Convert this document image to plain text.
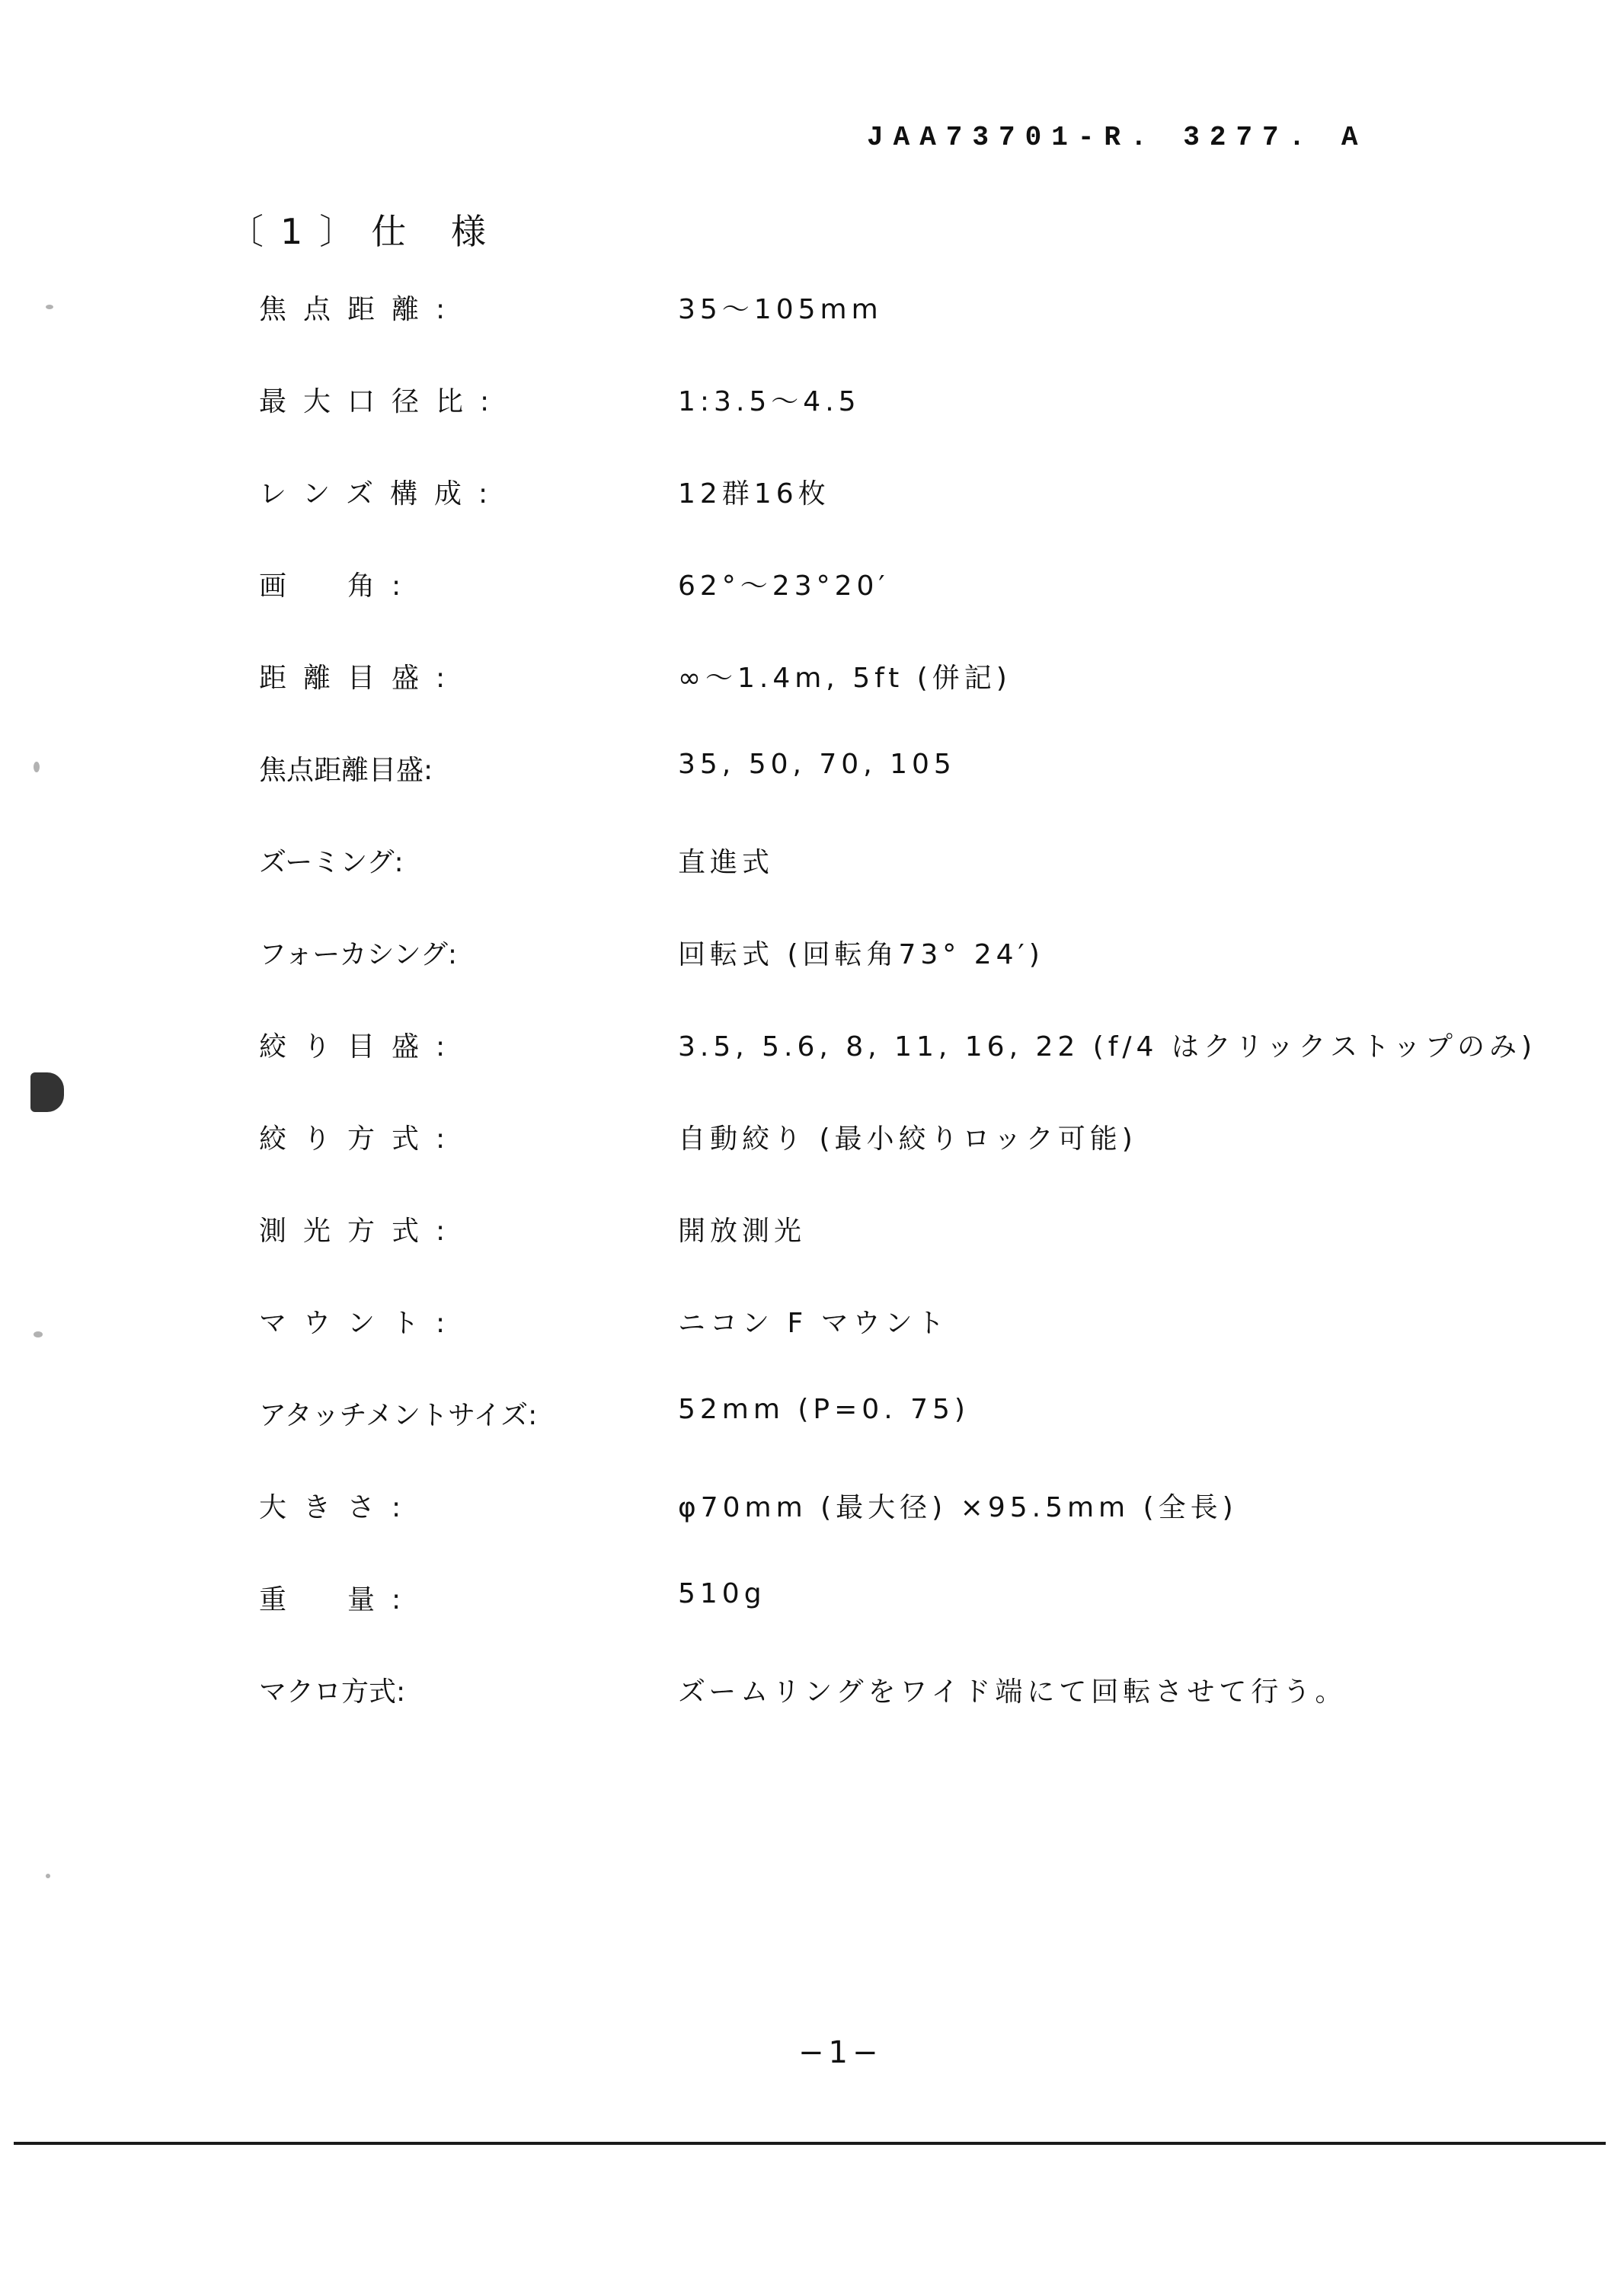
JAA73701-R. 3277. A
〔1〕仕 様
焦点距離:	35〜105mm
最大口径比:	1:3.5〜4.5
レンズ構成:	12群16枚
画　角:	62°〜23°20′
距離目盛:	∞〜1.4m, 5ft (併記)
焦点距離目盛:	35, 50, 70, 105
ズーミング:	直進式
フォーカシング:	回転式 (回転角73° 24′)
絞り目盛:	3.5, 5.6, 8, 11, 16, 22 (f/4 はクリックストップのみ)
絞り方式:	自動絞り (最小絞りロック可能)
測光方式:	開放測光
マウント:	ニコン F マウント
アタッチメントサイズ:	52mm (P=0. 75)
大きさ:	φ70mm (最大径) ×95.5mm (全長)
重　量:	510g
マクロ方式:	ズームリングをワイド端にて回転させて行う。
−1−
